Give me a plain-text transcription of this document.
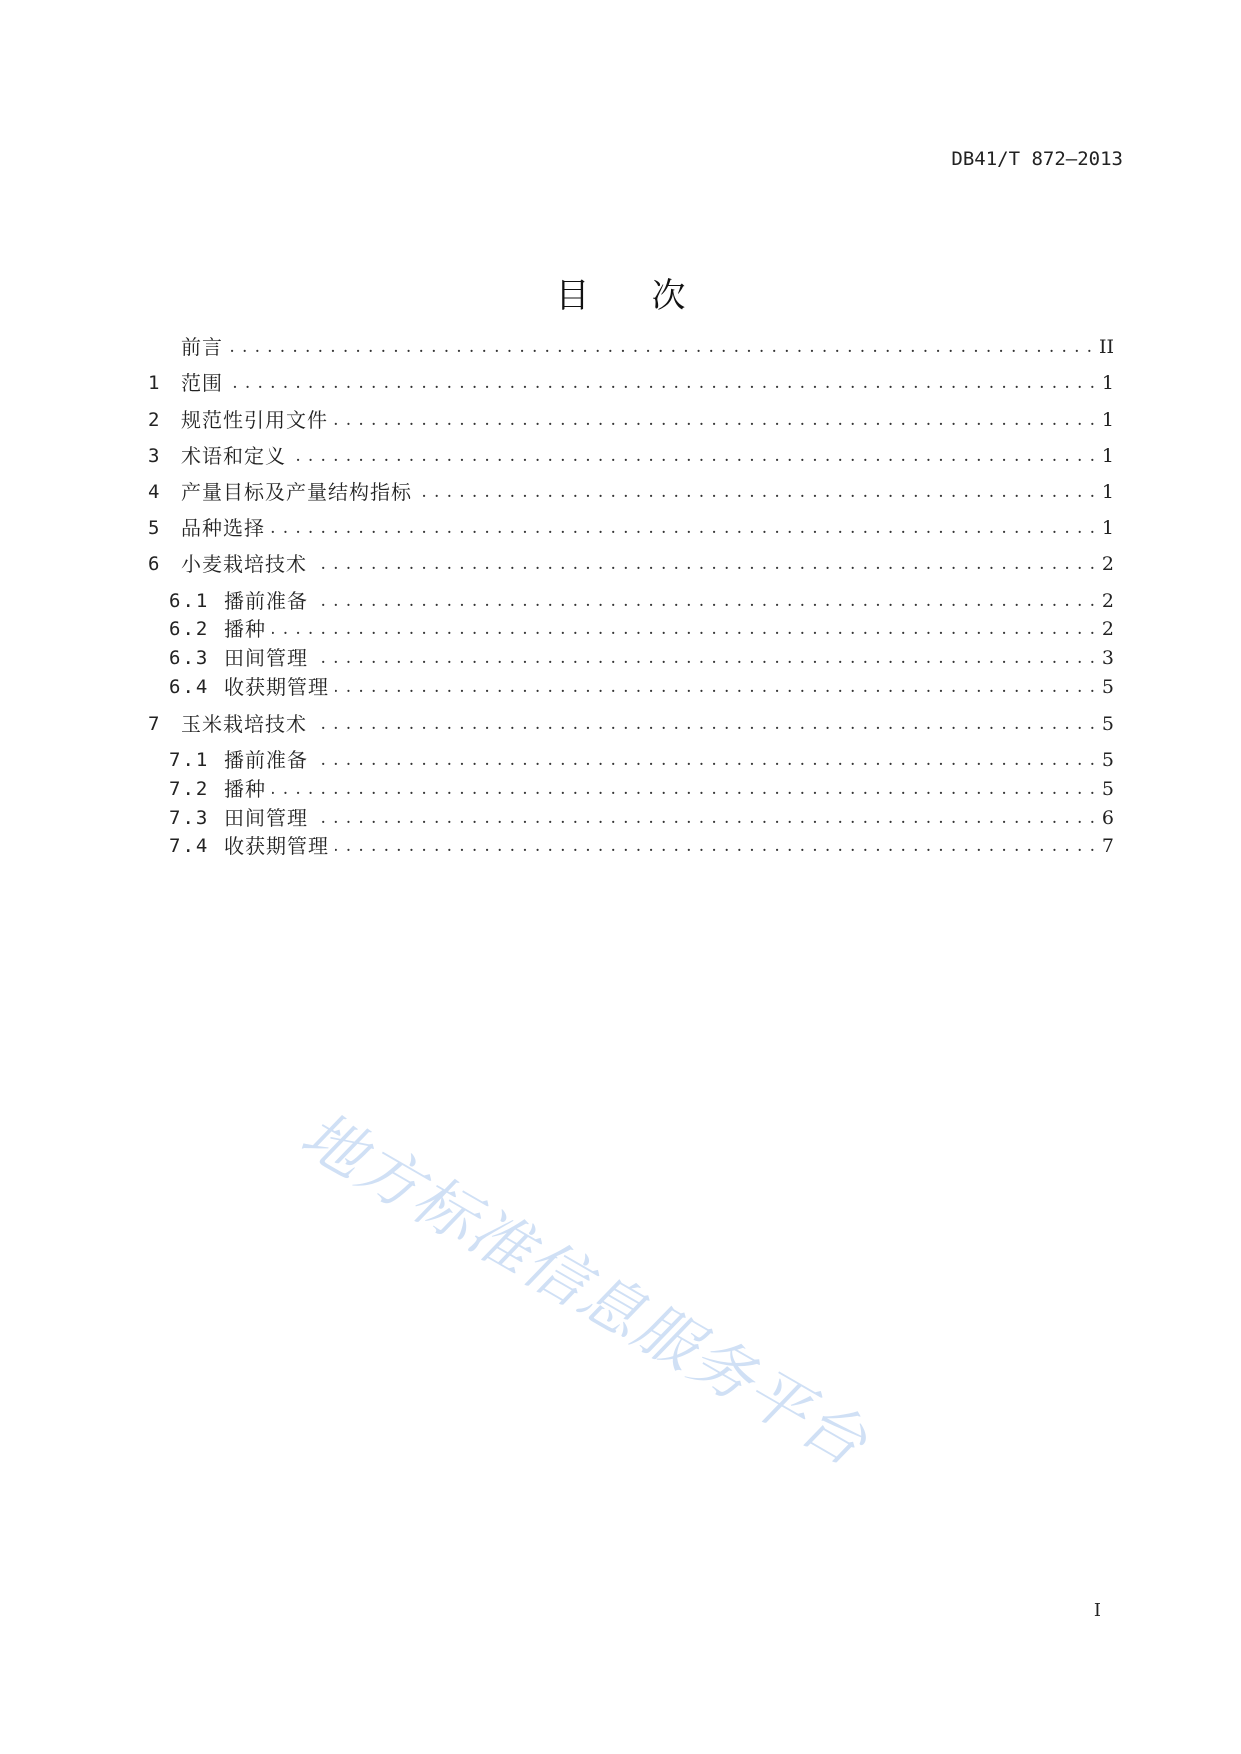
DB41/T 872—2013
目次
前言 . . .	II
1	范围 . . .	1
2	规范性引用文件 . . .	1
3	术语和定义 . . .	1
4	产量目标及产量结构指标 . . .	1
5	品种选择 . . .	1
6	小麦栽培技术 . . .	2
6.1 播前准备 . . .	2
6.2 播种 . . .	2
6.3 田间管理 . . .	3
6.4 收获期管理 . . .	5
7	玉米栽培技术 . . .	5
7.1 播前准备 . . .	5
7.2 播种 . . .	5
7.3 田间管理 . . .	6
7.4 收获期管理 . . .	7
地方标准信息服务平台
I
